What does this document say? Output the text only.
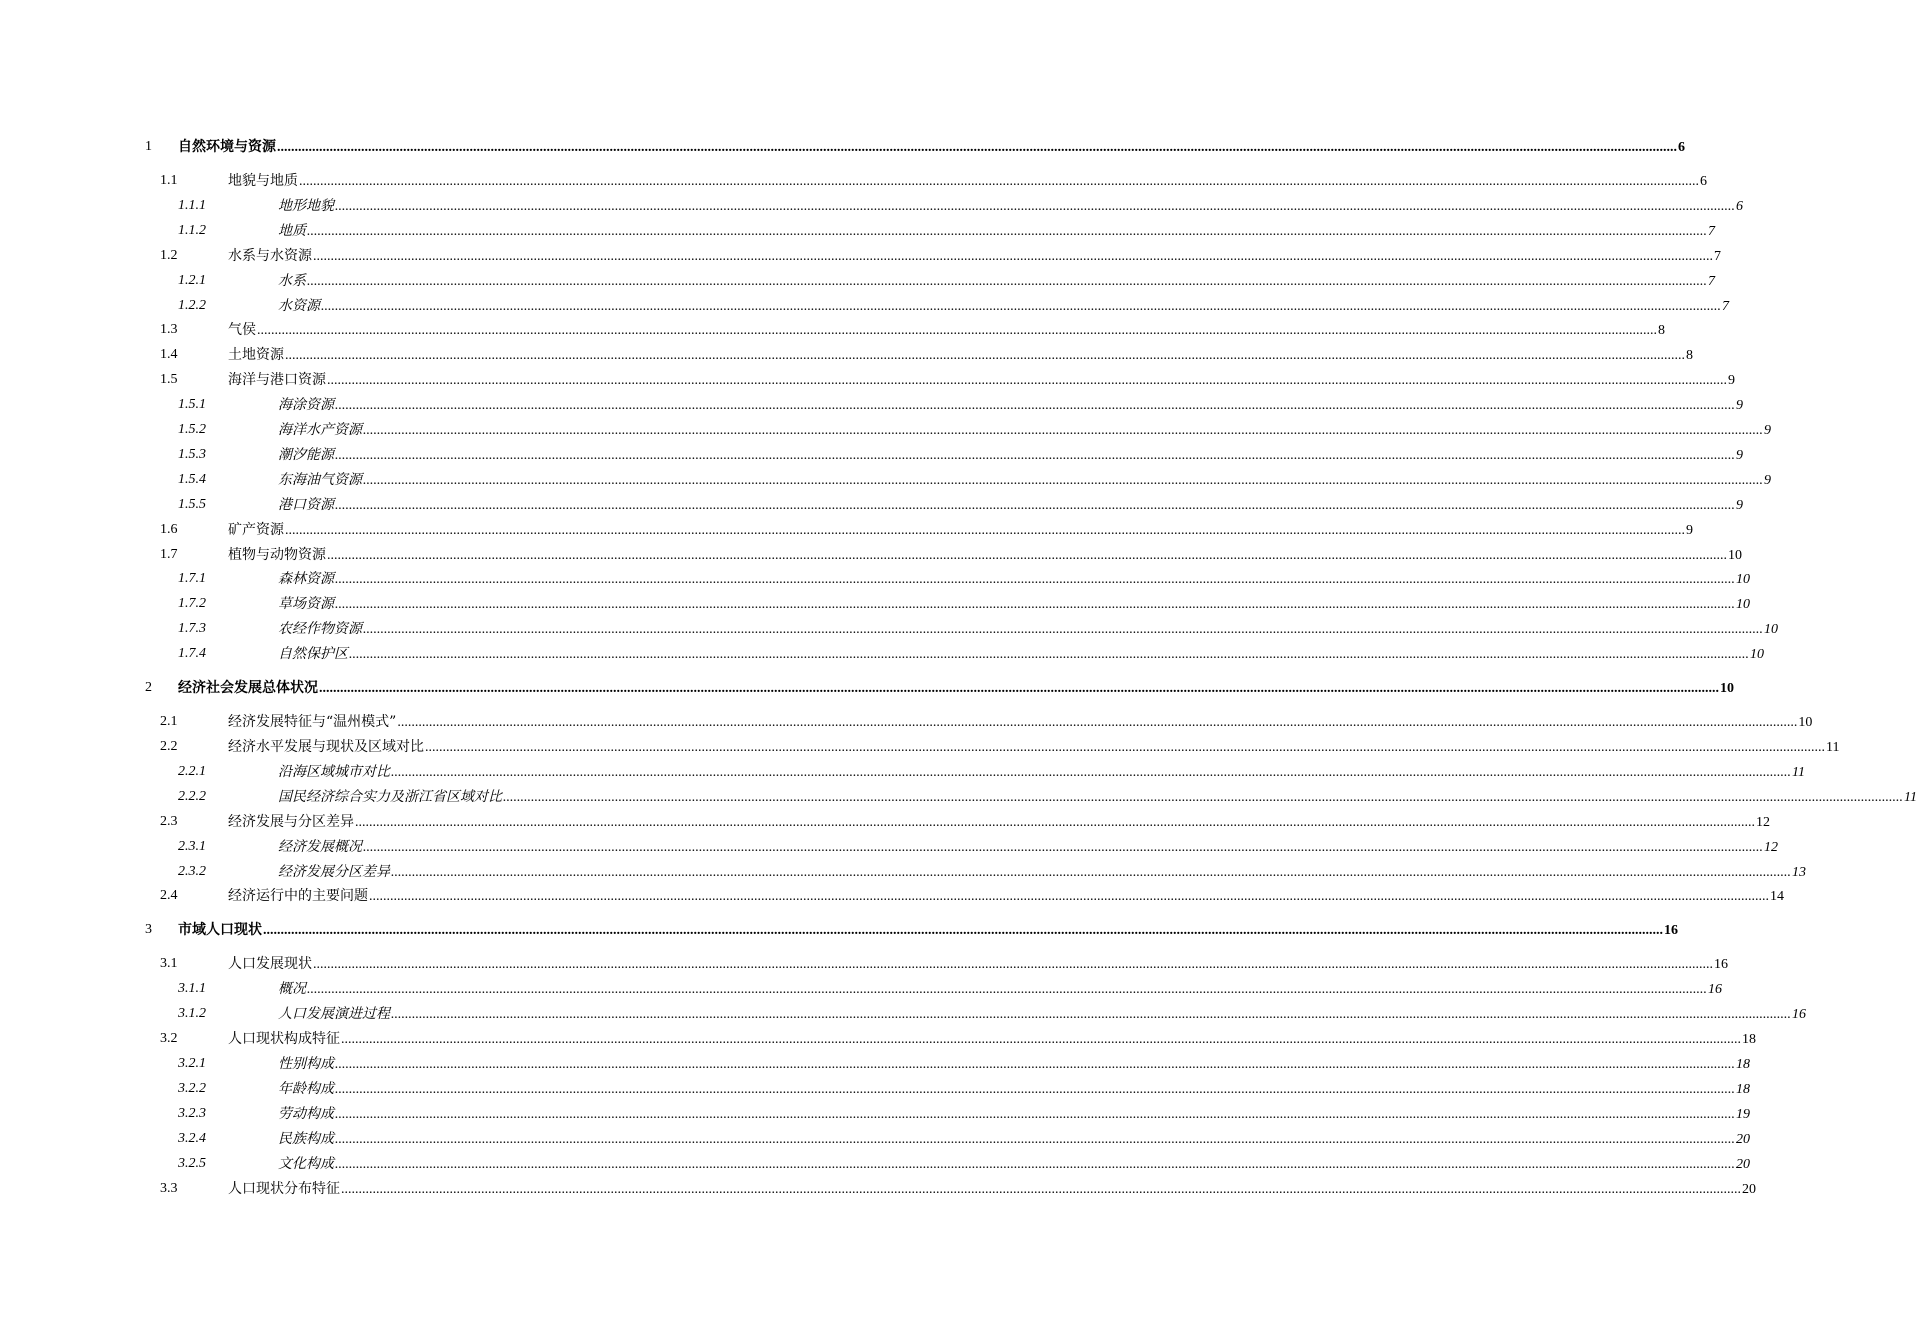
1 自然环境与资源 ................................................................................................................................................................................................................................................................................................................................................................................................................ 6
1.1	地貌与地质 ................................................................................................................................................................................................................................................................................................................................................................................................................ 6
1.1.1	地形地貌 ................................................................................................................................................................................................................................................................................................................................................................................................................ 6
1.1.2	地质 ................................................................................................................................................................................................................................................................................................................................................................................................................ 7
1.2	水系与水资源 ................................................................................................................................................................................................................................................................................................................................................................................................................ 7
1.2.1	水系 ................................................................................................................................................................................................................................................................................................................................................................................................................ 7
1.2.2	水资源 ................................................................................................................................................................................................................................................................................................................................................................................................................ 7
1.3	气侯 ................................................................................................................................................................................................................................................................................................................................................................................................................ 8
1.4	土地资源 ................................................................................................................................................................................................................................................................................................................................................................................................................ 8
1.5	海洋与港口资源 ................................................................................................................................................................................................................................................................................................................................................................................................................ 9
1.5.1	海涂资源 ................................................................................................................................................................................................................................................................................................................................................................................................................ 9
1.5.2	海洋水产资源 ................................................................................................................................................................................................................................................................................................................................................................................................................ 9
1.5.3	潮汐能源 ................................................................................................................................................................................................................................................................................................................................................................................................................ 9
1.5.4	东海油气资源 ................................................................................................................................................................................................................................................................................................................................................................................................................ 9
1.5.5	港口资源 ................................................................................................................................................................................................................................................................................................................................................................................................................ 9
1.6	矿产资源 ................................................................................................................................................................................................................................................................................................................................................................................................................ 9
1.7	植物与动物资源 ................................................................................................................................................................................................................................................................................................................................................................................................................ 10
1.7.1	森林资源 ................................................................................................................................................................................................................................................................................................................................................................................................................ 10
1.7.2	草场资源 ................................................................................................................................................................................................................................................................................................................................................................................................................ 10
1.7.3	农经作物资源 ................................................................................................................................................................................................................................................................................................................................................................................................................ 10
1.7.4	自然保护区 ................................................................................................................................................................................................................................................................................................................................................................................................................ 10
2 经济社会发展总体状况 ................................................................................................................................................................................................................................................................................................................................................................................................................ 10
2.1	经济发展特征与“温州模式” ................................................................................................................................................................................................................................................................................................................................................................................................................ 10
2.2	经济水平发展与现状及区域对比 ................................................................................................................................................................................................................................................................................................................................................................................................................ 11
2.2.1	沿海区域城市对比 ................................................................................................................................................................................................................................................................................................................................................................................................................ 11
2.2.2	国民经济综合实力及浙江省区域对比 ................................................................................................................................................................................................................................................................................................................................................................................................................ 11
2.3	经济发展与分区差异 ................................................................................................................................................................................................................................................................................................................................................................................................................ 12
2.3.1	经济发展概况 ................................................................................................................................................................................................................................................................................................................................................................................................................ 12
2.3.2	经济发展分区差异 ................................................................................................................................................................................................................................................................................................................................................................................................................ 13
2.4	经济运行中的主要问题 ................................................................................................................................................................................................................................................................................................................................................................................................................ 14
3 市域人口现状 ................................................................................................................................................................................................................................................................................................................................................................................................................ 16
3.1	人口发展现状 ................................................................................................................................................................................................................................................................................................................................................................................................................ 16
3.1.1	概况 ................................................................................................................................................................................................................................................................................................................................................................................................................ 16
3.1.2	人口发展演进过程 ................................................................................................................................................................................................................................................................................................................................................................................................................ 16
3.2	人口现状构成特征 ................................................................................................................................................................................................................................................................................................................................................................................................................ 18
3.2.1	性别构成 ................................................................................................................................................................................................................................................................................................................................................................................................................ 18
3.2.2	年龄构成 ................................................................................................................................................................................................................................................................................................................................................................................................................ 18
3.2.3	劳动构成 ................................................................................................................................................................................................................................................................................................................................................................................................................ 19
3.2.4	民族构成 ................................................................................................................................................................................................................................................................................................................................................................................................................ 20
3.2.5	文化构成 ................................................................................................................................................................................................................................................................................................................................................................................................................ 20
3.3	人口现状分布特征 ................................................................................................................................................................................................................................................................................................................................................................................................................ 20
